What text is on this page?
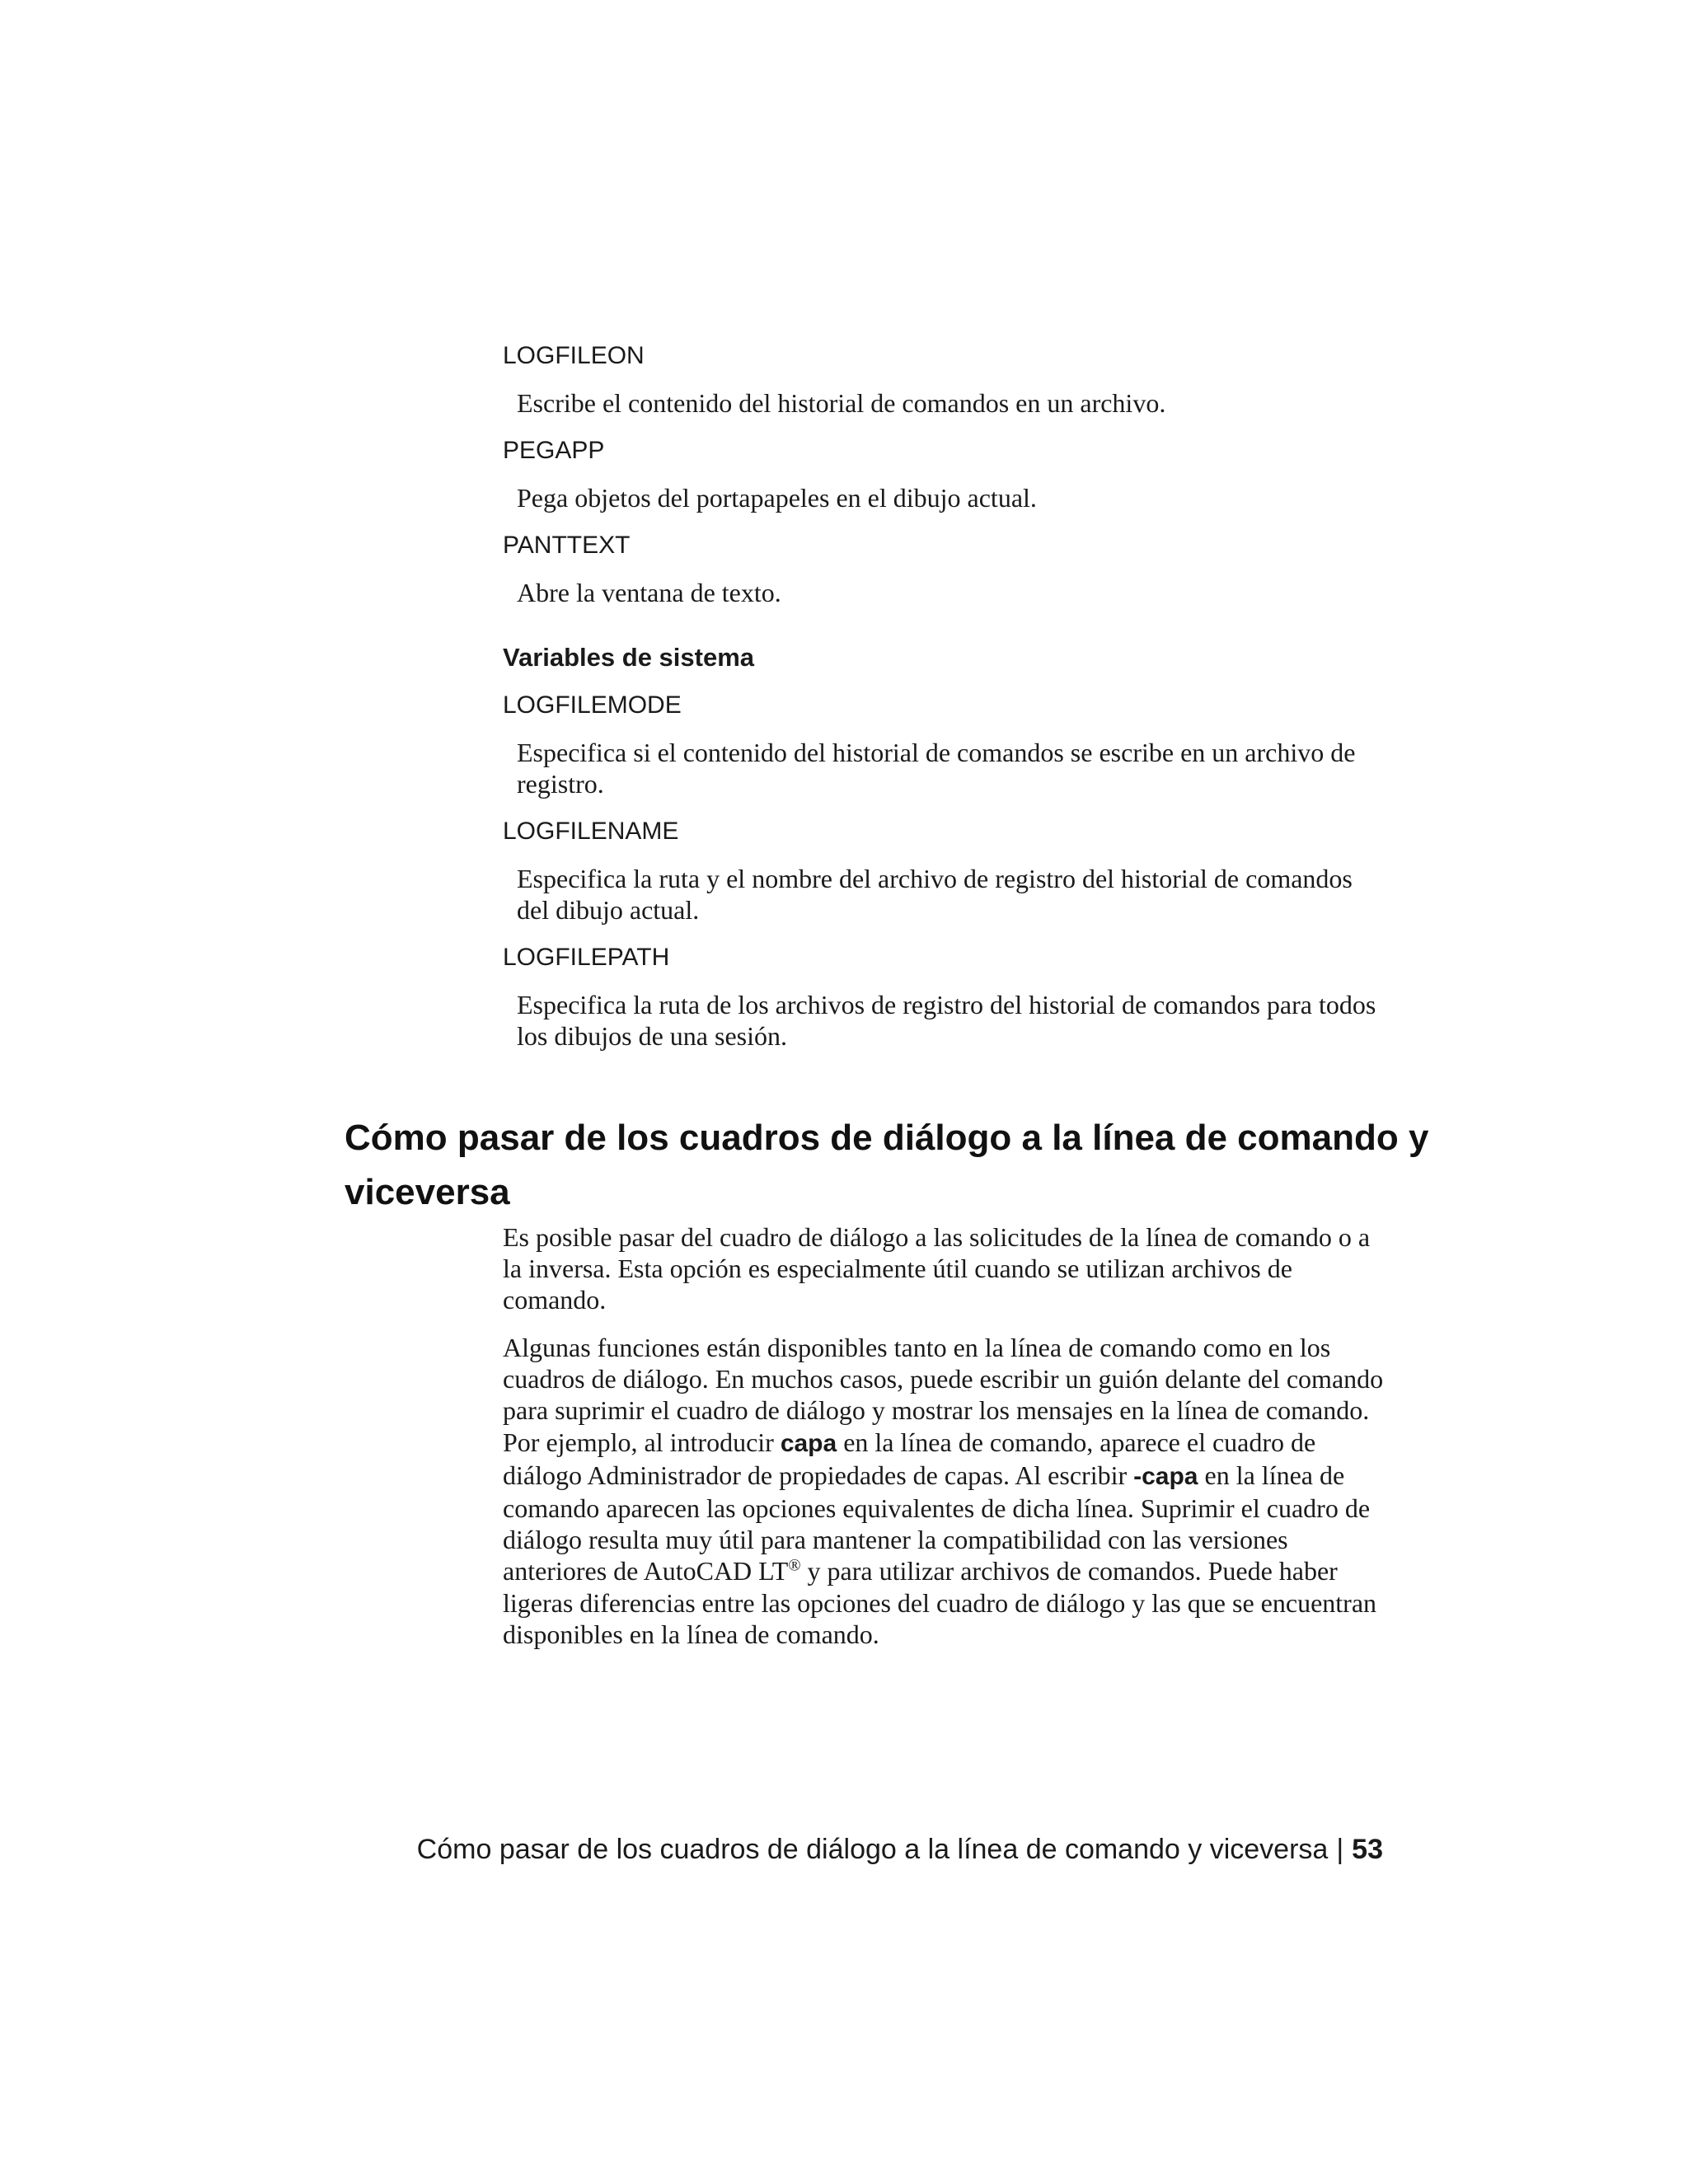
LOGFILEON
Escribe el contenido del historial de comandos en un archivo.
PEGAPP
Pega objetos del portapapeles en el dibujo actual.
PANTTEXT
Abre la ventana de texto.
Variables de sistema
LOGFILEMODE
Especifica si el contenido del historial de comandos se escribe en un archivo de registro.
LOGFILENAME
Especifica la ruta y el nombre del archivo de registro del historial de comandos del dibujo actual.
LOGFILEPATH
Especifica la ruta de los archivos de registro del historial de comandos para todos los dibujos de una sesión.
Cómo pasar de los cuadros de diálogo a la línea de comando y viceversa

Es posible pasar del cuadro de diálogo a las solicitudes de la línea de comando o a la inversa. Esta opción es especialmente útil cuando se utilizan archivos de comando.

Algunas funciones están disponibles tanto en la línea de comando como en los cuadros de diálogo. En muchos casos, puede escribir un guión delante del comando para suprimir el cuadro de diálogo y mostrar los mensajes en la línea de comando. Por ejemplo, al introducir capa en la línea de comando, aparece el cuadro de diálogo Administrador de propiedades de capas. Al escribir -capa en la línea de comando aparecen las opciones equivalentes de dicha línea. Suprimir el cuadro de diálogo resulta muy útil para mantener la compatibilidad con las versiones anteriores de AutoCAD LT® y para utilizar archivos de comandos. Puede haber ligeras diferencias entre las opciones del cuadro de diálogo y las que se encuentran disponibles en la línea de comando.

Cómo pasar de los cuadros de diálogo a la línea de comando y viceversa | 53
